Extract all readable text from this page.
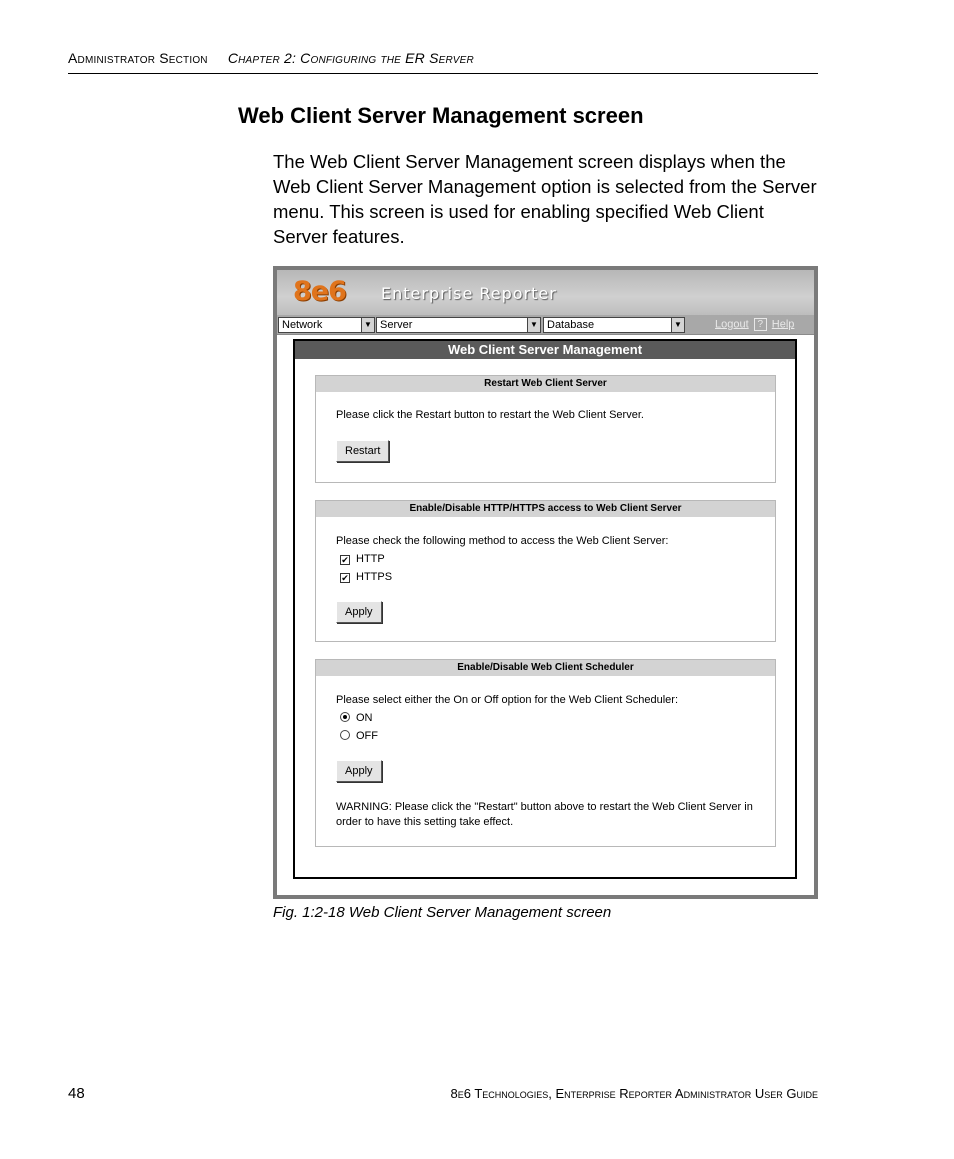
Administrator Section Chapter 2: Configuring the ER Server
Web Client Server Management screen

The Web Client Server Management screen displays when the Web Client Server Management option is selected from the Server menu. This screen is used for enabling specified Web Client Server features.

8e6 Enterprise Reporter
Network	▼ Server	▼ Database	▼	Logout ? Help
Web Client Server Management
Restart Web Client Server
Please click the Restart button to restart the Web Client Server.
Restart
Enable/Disable HTTP/HTTPS access to Web Client Server
Please check the following method to access the Web Client Server:
✔ HTTP
✔ HTTPS
Apply
Enable/Disable Web Client Scheduler
Please select either the On or Off option for the Web Client Scheduler:
ON
OFF
Apply
WARNING: Please click the "Restart" button above to restart the Web Client Server in order to have this setting take effect.

Fig. 1:2-18 Web Client Server Management screen

48	8e6 Technologies, Enterprise Reporter Administrator User Guide
